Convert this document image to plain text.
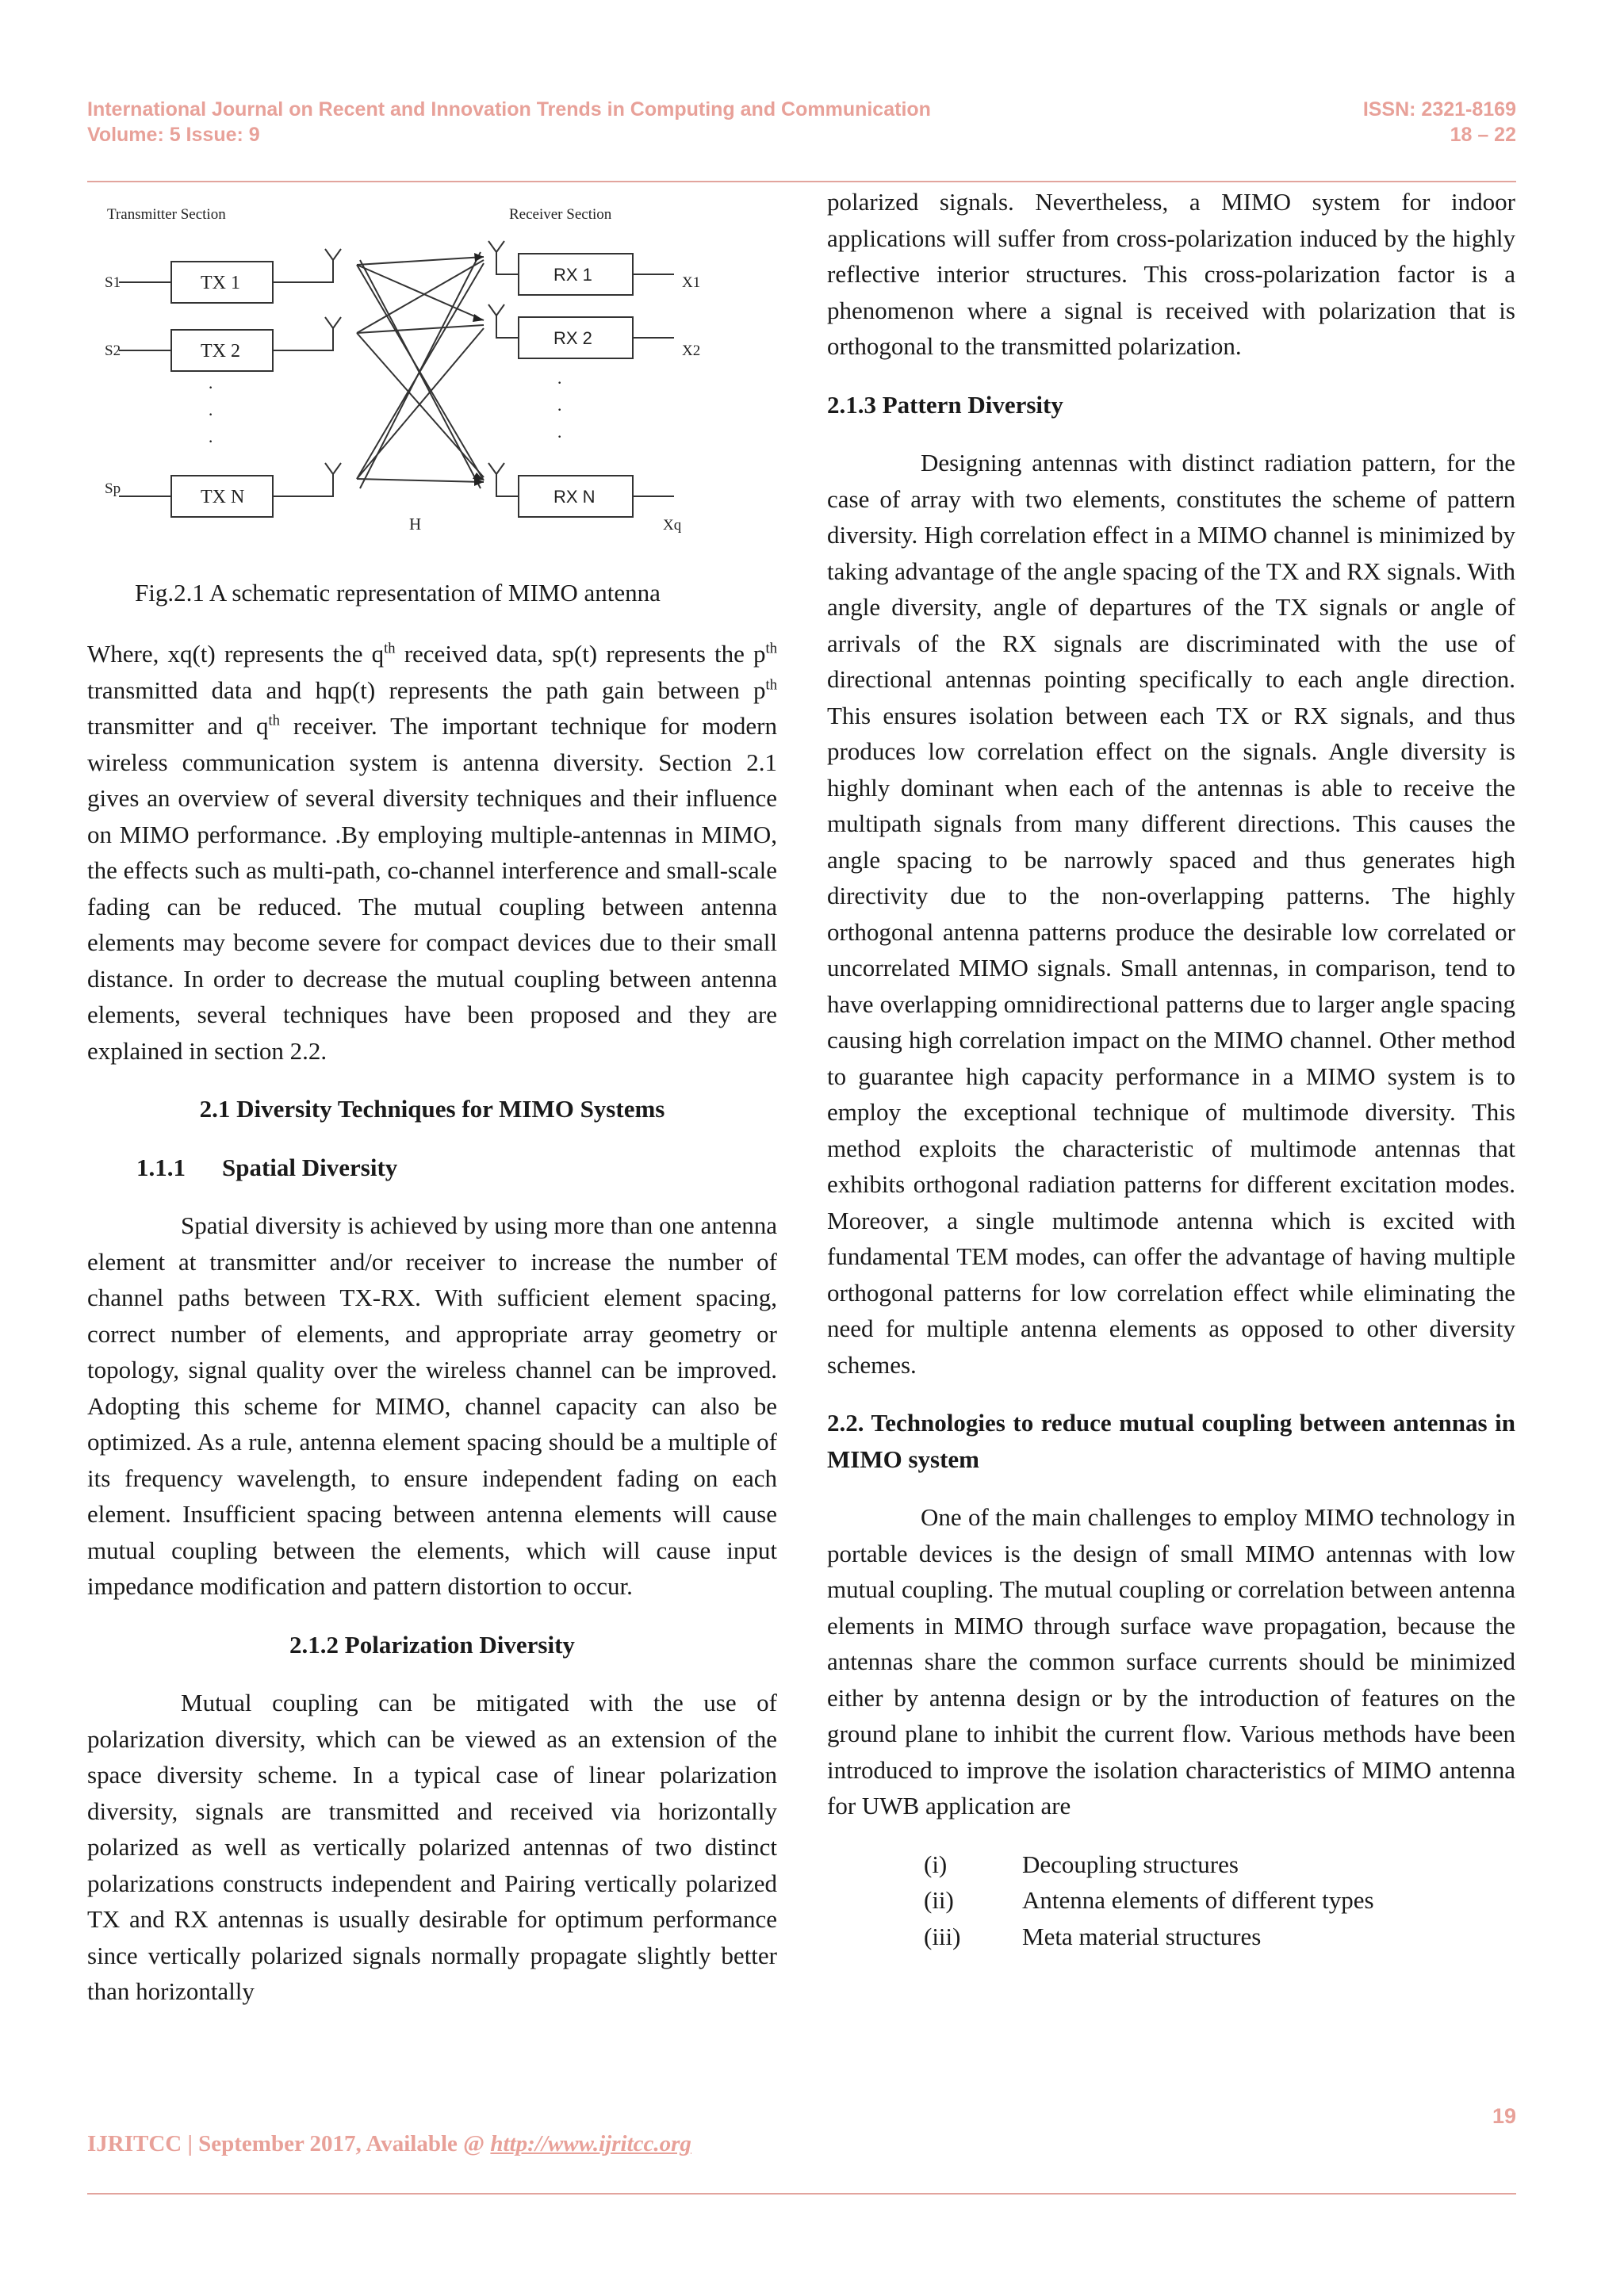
International Journal on Recent and Innovation Trends in Computing and Communication	ISSN: 2321-8169
Volume: 5 Issue: 9	18 – 22
Transmitter Section	Receiver Section
TX 1
TX 2
TX N
RX 1
RX 2
RX N
S1
S2
Sp
X1
X2
Xq
H
·
·
·
·
·
·
Fig.2.1 A schematic representation of MIMO antenna

Where, xq(t) represents the $q^{th}$ received data, sp(t) represents the $p^{th}$ transmitted data and hqp(t) represents the path gain between $p^{th}$ transmitter and $q^{th}$ receiver. The important technique for modern wireless communication system is antenna diversity. Section 2.1 gives an overview of several diversity techniques and their influence on MIMO performance. .By employing multiple-antennas in MIMO, the effects such as multi-path, co-channel interference and small-scale fading can be reduced. The mutual coupling between antenna elements may become severe for compact devices due to their small distance. In order to decrease the mutual coupling between antenna elements, several techniques have been proposed and they are explained in section 2.2.

2.1 Diversity Techniques for MIMO Systems

1.1.1 Spatial Diversity

Spatial diversity is achieved by using more than one antenna element at transmitter and/or receiver to increase the number of channel paths between TX-RX. With sufficient element spacing, correct number of elements, and appropriate array geometry or topology, signal quality over the wireless channel can be improved. Adopting this scheme for MIMO, channel capacity can also be optimized. As a rule, antenna element spacing should be a multiple of its frequency wavelength, to ensure independent fading on each element. Insufficient spacing between antenna elements will cause mutual coupling between the elements, which will cause input impedance modification and pattern distortion to occur.

2.1.2 Polarization Diversity

Mutual coupling can be mitigated with the use of polarization diversity, which can be viewed as an extension of the space diversity scheme. In a typical case of linear polarization diversity, signals are transmitted and received via horizontally polarized as well as vertically polarized antennas of two distinct polarizations constructs independent and Pairing vertically polarized TX and RX antennas is usually desirable for optimum performance since vertically polarized signals normally propagate slightly better than horizontally

polarized signals. Nevertheless, a MIMO system for indoor applications will suffer from cross-polarization induced by the highly reflective interior structures. This cross-polarization factor is a phenomenon where a signal is received with polarization that is orthogonal to the transmitted polarization.

2.1.3 Pattern Diversity

Designing antennas with distinct radiation pattern, for the case of array with two elements, constitutes the scheme of pattern diversity. High correlation effect in a MIMO channel is minimized by taking advantage of the angle spacing of the TX and RX signals. With angle diversity, angle of departures of the TX signals or angle of arrivals of the RX signals are discriminated with the use of directional antennas pointing specifically to each angle direction. This ensures isolation between each TX or RX signals, and thus produces low correlation effect on the signals. Angle diversity is highly dominant when each of the antennas is able to receive the multipath signals from many different directions. This causes the angle spacing to be narrowly spaced and thus generates high directivity due to the non-overlapping patterns. The highly orthogonal antenna patterns produce the desirable low correlated or uncorrelated MIMO signals. Small antennas, in comparison, tend to have overlapping omnidirectional patterns due to larger angle spacing causing high correlation impact on the MIMO channel. Other method to guarantee high capacity performance in a MIMO system is to employ the exceptional technique of multimode diversity. This method exploits the characteristic of multimode antennas that exhibits orthogonal radiation patterns for different excitation modes. Moreover, a single multimode antenna which is excited with fundamental TEM modes, can offer the advantage of having multiple orthogonal patterns for low correlation effect while eliminating the need for multiple antenna elements as opposed to other diversity schemes.

2.2. Technologies to reduce mutual coupling between antennas in MIMO system

One of the main challenges to employ MIMO technology in portable devices is the design of small MIMO antennas with low mutual coupling. The mutual coupling or correlation between antenna elements in MIMO through surface wave propagation, because the antennas share the common surface currents should be minimized either by antenna design or by the introduction of features on the ground plane to inhibit the current flow. Various methods have been introduced to improve the isolation characteristics of MIMO antenna for UWB application are

(i)	Decoupling structures
(ii)	Antenna elements of different types
(iii)	Meta material structures
19
IJRITCC | September 2017, Available @ http://www.ijritcc.org
